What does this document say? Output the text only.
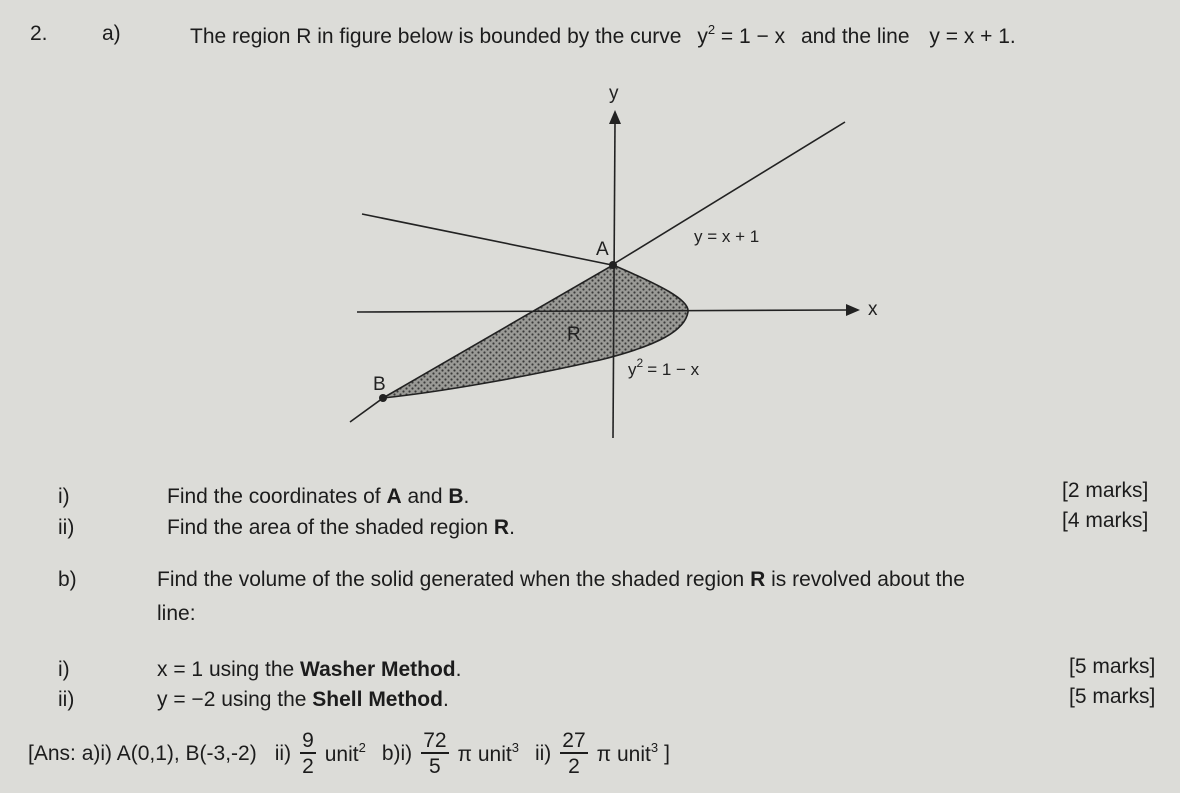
2.	a)	The region R in figure below is bounded by the curve $y^2 = 1 - x$ and the line y = x + 1.
y
x
A
B
R
y = x + 1
$y^2 = 1 - x$
i)	Find the coordinates of A and B.	[2 marks]
ii)	Find the area of the shaded region R.	[4 marks]
b)	Find the volume of the solid generated when the shaded region R is revolved about the
line:
i)	x = 1 using the Washer Method.	[5 marks]
ii)	y = −2 using the Shell Method.	[5 marks]
[Ans: a)i) A(0,1), B(-3,-2) $ii) \frac{9}{2}$ unit$^2$ $b)i) \frac{72}{5}$ π unit$^3$ $ii) \frac{27}{2}$ π unit$^3$ ]
